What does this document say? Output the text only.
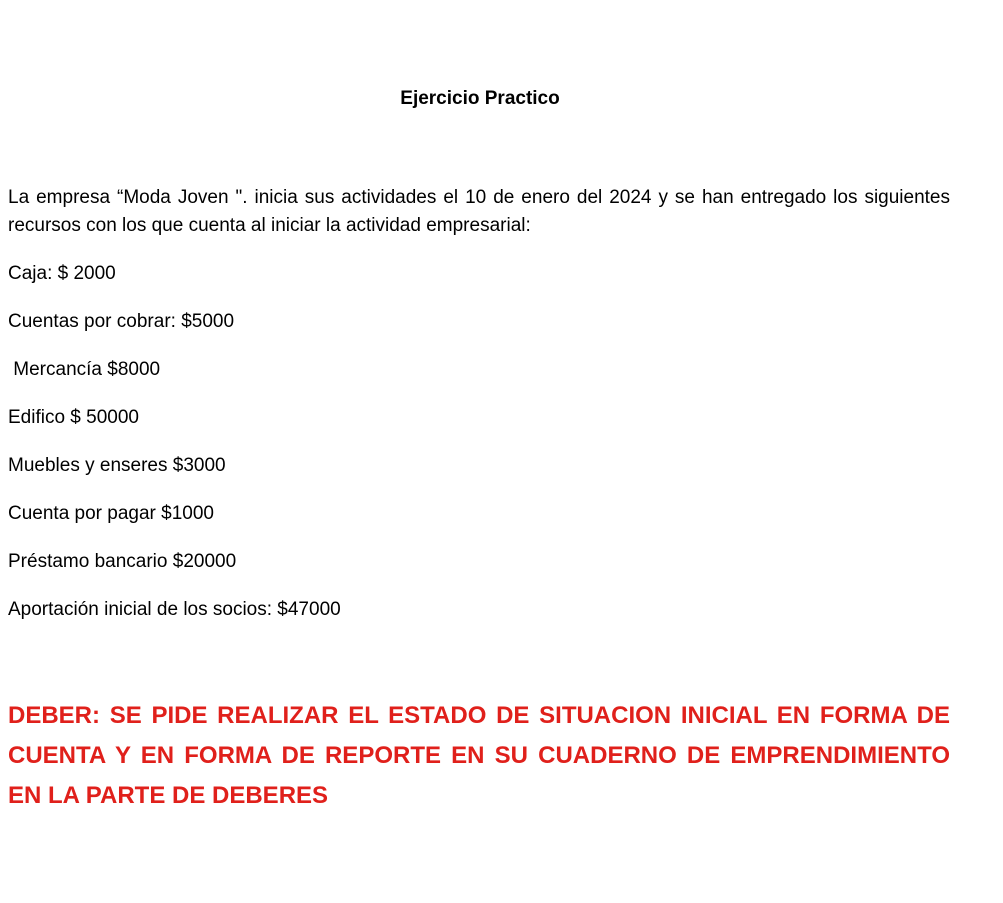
Ejercicio Practico
La empresa “Moda Joven ". inicia sus actividades el 10 de enero del 2024 y se han entregado los siguientes recursos con los que cuenta al iniciar la actividad empresarial:
Caja: $ 2000
Cuentas por cobrar: $5000
Mercancía $8000
Edifico $ 50000
Muebles y enseres $3000
Cuenta por pagar $1000
Préstamo bancario $20000
Aportación inicial de los socios: $47000
DEBER: SE PIDE REALIZAR EL ESTADO DE SITUACION INICIAL EN FORMA DE CUENTA Y EN FORMA DE REPORTE EN SU CUADERNO DE EMPRENDIMIENTO EN LA PARTE DE DEBERES
